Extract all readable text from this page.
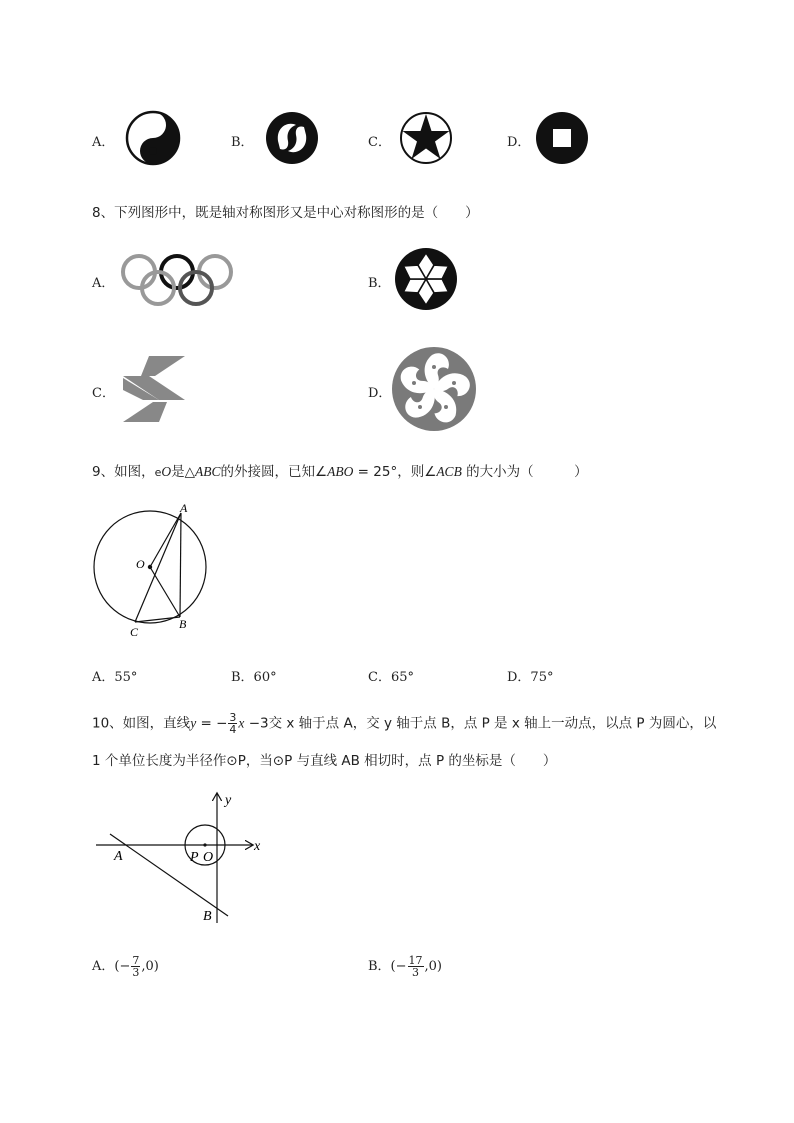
A．	B．	C．	D．
8、下列图形中，既是轴对称图形又是中心对称图形的是（　　）
A．	B．
C．	D．
9、如图，eO是△ABC的外接圆，已知∠ABO = 25°，则∠ACB 的大小为（　　　）
A
O
C
B
A．55°	B．60°	C．65°	D．75°
10、如图，直线y = − $\frac{3}{4}$ x −3交 x 轴于点 A，交 y 轴于点 B，点 P 是 x 轴上一动点，以点 P 为圆心，以
1 个单位长度为半径作⊙P，当⊙P 与直线 AB 相切时，点 P 的坐标是（　　）
y
x
A	P O
B
A．(− $\frac{7}{3} ,0$)	B．(− $\frac{17}{3} ,0$)
